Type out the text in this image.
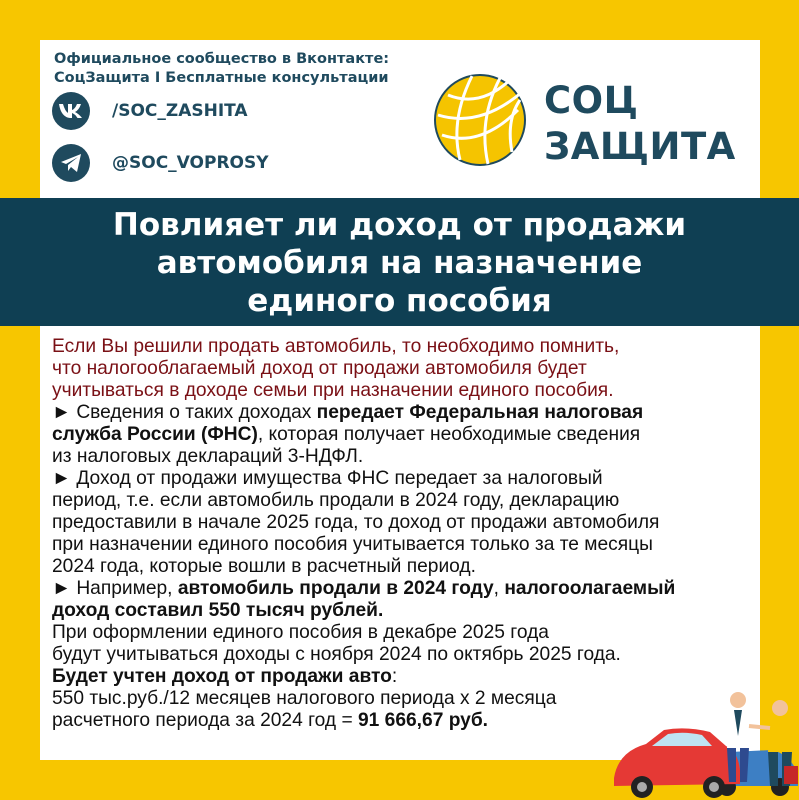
Официальное сообщество в Вконтакте:
СоцЗащита I Бесплатные консультации
/SOC_ZASHITA
@SOC_VOPROSY
СОЦ
ЗАЩИТА
Повлияет ли доход от продажи
автомобиля на назначение
единого пособия
Если Вы решили продать автомобиль, то необходимо помнить,
что налогооблагаемый доход от продажи автомобиля будет
учитываться в доходе семьи при назначении единого пособия.
► Сведения о таких доходах передает Федеральная налоговая
служба России (ФНС), которая получает необходимые сведения
из налоговых деклараций 3-НДФЛ.
► Доход от продажи имущества ФНС передает за налоговый
период, т.е. если автомобиль продали в 2024 году, декларацию
предоставили в начале 2025 года, то доход от продажи автомобиля
при назначении единого пособия учитывается только за те месяцы
2024 года, которые вошли в расчетный период.
► Например, автомобиль продали в 2024 году, налогоолагаемый
доход составил 550 тысяч рублей.
При оформлении единого пособия в декабре 2025 года
будут учитываться доходы с ноября 2024 по октябрь 2025 года.
Будет учтен доход от продажи авто:
550 тыс.руб./12 месяцев налогового периода х 2 месяца
расчетного периода за 2024 год = 91 666,67 руб.
